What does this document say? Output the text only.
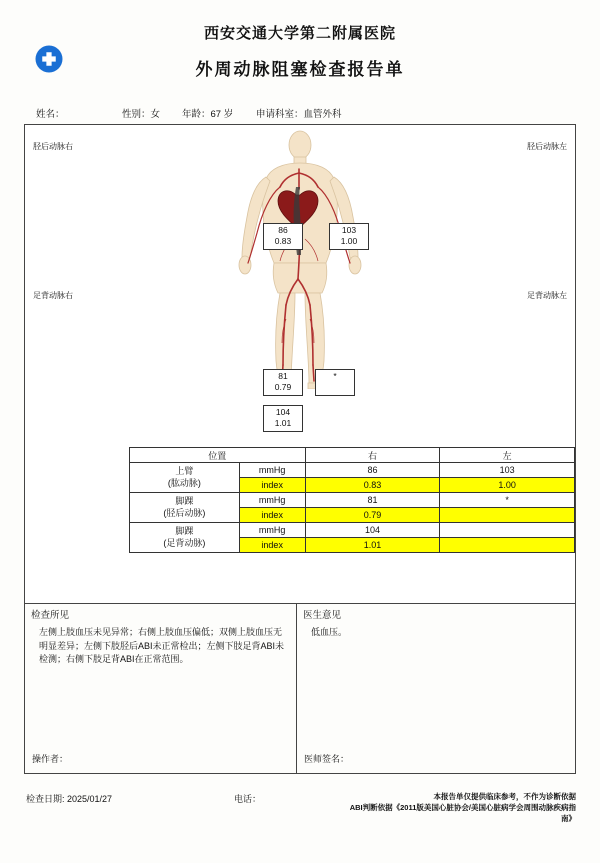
西安交通大学第二附属医院
外周动脉阻塞检查报告单
姓名：	性别：女	年龄：67 岁	申请科室：血管外科
胫后动脉右	胫后动脉左
足背动脉右	足背动脉左
86
0.83
103
1.00
81
0.79
*
104
1.01
位置		右	左

上臂
(肱动脉)	mmHg	86	103
	index	0.83	1.00

脚踝
(胫后动脉)	mmHg	81	*
	index	0.79	

脚踝
(足背动脉)	mmHg	104	
	index	1.01	
检查所见
左侧上肢血压未见异常；右侧上肢血压偏低；双侧上肢血压无明显差异；左侧下肢胫后ABI未正常检出；左侧下肢足背ABI未检测；右侧下肢足背ABI在正常范围。
医生意见
低血压。
操作者：	医师签名：
检查日期: 2025/01/27	电话：	本报告单仅提供临床参考，不作为诊断依据
ABI判断依据《2011版美国心脏协会/美国心脏病学会周围动脉疾病指南》
